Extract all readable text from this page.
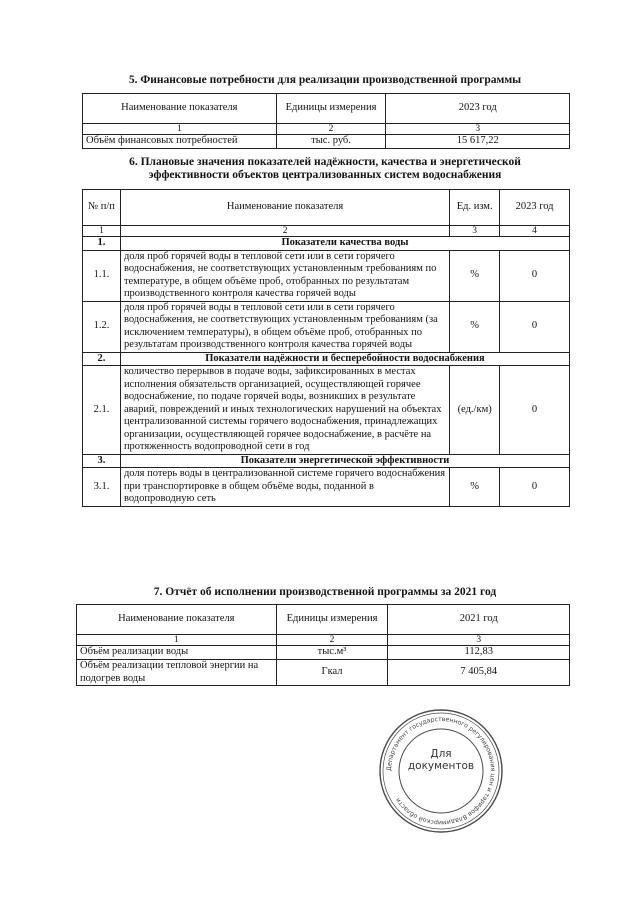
5. Финансовые потребности для реализации производственной программы
Наименование показателя	Единицы измерения	2023 год
1	2	3
Объём финансовых потребностей	тыс. руб.	15 617,22
6. Плановые значения показателей надёжности, качества и энергетической
эффективности объектов централизованных систем водоснабжения
№ п/п	Наименование показателя	Ед. изм.	2023 год
1	2	3	4
1.	Показатели качества воды		
1.1.	доля проб горячей воды в тепловой сети или в сети горячего водоснабжения, не соответствующих установленным требованиям по температуре, в общем объёме проб, отобранных по результатам производственного контроля качества горячей воды	%	0
1.2.	доля проб горячей воды в тепловой сети или в сети горячего водоснабжения, не соответствующих установленным требованиям (за исключением температуры), в общем объёме проб, отобранных по результатам производственного контроля качества горячей воды	%	0
2.	Показатели надёжности и бесперебойности водоснабжения		
2.1.	количество перерывов в подаче воды, зафиксированных в местах исполнения обязательств организацией, осуществляющей горячее водоснабжение, по подаче горячей воды, возникших в результате аварий, повреждений и иных технологических нарушений на объектах централизованной системы горячего водоснабжения, принадлежащих организации, осуществляющей горячее водоснабжение, в расчёте на протяженность водопроводной сети в год	(ед./км)	0
3.	Показатели энергетической эффективности		
3.1.	доля потерь воды в централизованной системе горячего водоснабжения при транспортировке в общем объёме воды, поданной в водопроводную сеть	%	0
7. Отчёт об исполнении производственной программы за 2021 год
Наименование показателя	Единицы измерения	2021 год
1	2	3
Объём реализации воды	тыс.м³	112,83
Объём реализации тепловой энергии на подогрев воды	Гкал	7 405,84
Департамент государственного регулирования цен и тарифов Владимирской области
Для документов
